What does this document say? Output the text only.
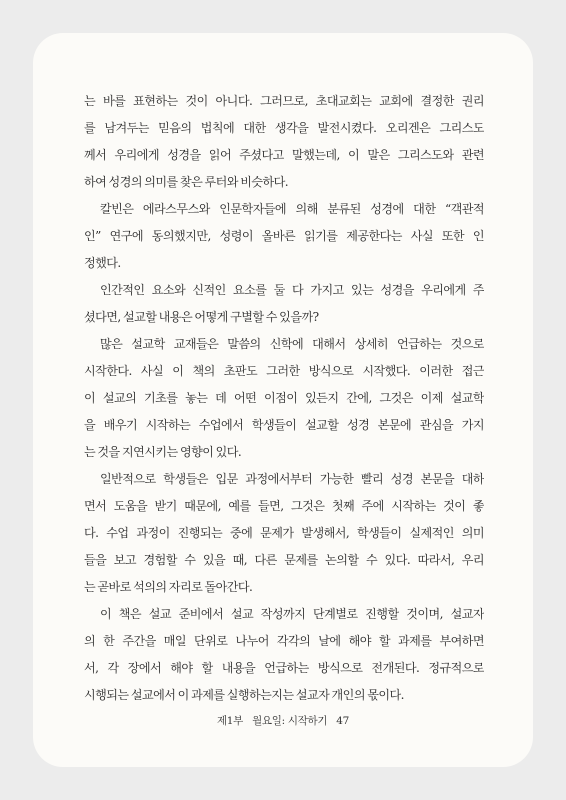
는 바를 표현하는 것이 아니다. 그러므로, 초대교회는 교회에 결정한 권리
를 남겨두는 믿음의 법칙에 대한 생각을 발전시켰다. 오리겐은 그리스도
께서 우리에게 성경을 읽어 주셨다고 말했는데, 이 말은 그리스도와 관련
하여 성경의 의미를 찾은 루터와 비슷하다.
칼빈은 에라스무스와 인문학자들에 의해 분류된 성경에 대한 “객관적
인” 연구에 동의했지만, 성령이 올바른 읽기를 제공한다는 사실 또한 인
정했다.
인간적인 요소와 신적인 요소를 둘 다 가지고 있는 성경을 우리에게 주
셨다면, 설교할 내용은 어떻게 구별할 수 있을까?
많은 설교학 교재들은 말씀의 신학에 대해서 상세히 언급하는 것으로
시작한다. 사실 이 책의 초판도 그러한 방식으로 시작했다. 이러한 접근
이 설교의 기초를 놓는 데 어떤 이점이 있든지 간에, 그것은 이제 설교학
을 배우기 시작하는 수업에서 학생들이 설교할 성경 본문에 관심을 가지
는 것을 지연시키는 영향이 있다.
일반적으로 학생들은 입문 과정에서부터 가능한 빨리 성경 본문을 대하
면서 도움을 받기 때문에, 예를 들면, 그것은 첫째 주에 시작하는 것이 좋
다. 수업 과정이 진행되는 중에 문제가 발생해서, 학생들이 실제적인 의미
들을 보고 경험할 수 있을 때, 다른 문제를 논의할 수 있다. 따라서, 우리
는 곧바로 석의의 자리로 돌아간다.
이 책은 설교 준비에서 설교 작성까지 단계별로 진행할 것이며, 설교자
의 한 주간을 매일 단위로 나누어 각각의 날에 해야 할 과제를 부여하면
서, 각 장에서 해야 할 내용을 언급하는 방식으로 전개된다. 정규적으로
시행되는 설교에서 이 과제를 실행하는지는 설교자 개인의 몫이다.
제1부 월요일: 시작하기 47
